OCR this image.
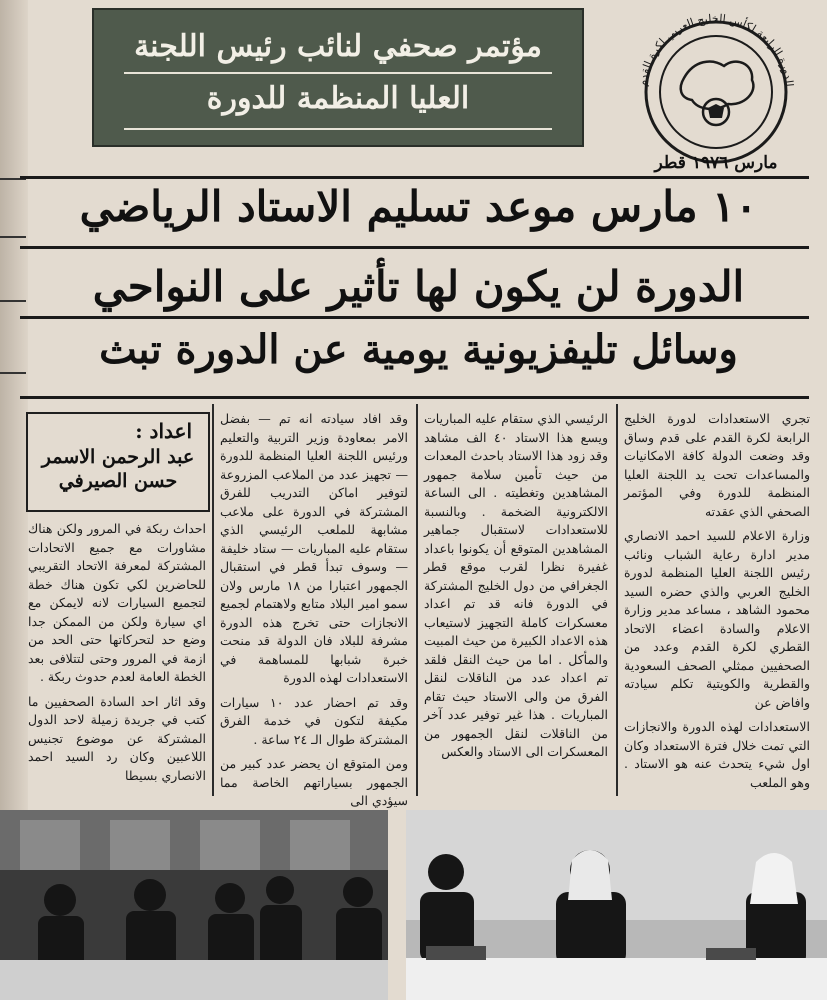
مؤتمر صحفي لنائب رئيس اللجنة
العليا المنظمة للدورة	الدورة الرابعة لكأس الخليج العربي لكرة القدم
مارس ١٩٧٦ قطر
١٠ مارس موعد تسليم الاستاد الرياضي
الدورة لن يكون لها تأثير على النواحي
وسائل تليفزيونية يومية عن الدورة تبث

تجري الاستعدادات لدورة الخليج الرابعة لكرة القدم على قدم وساق وقد وضعت الدولة كافة الامكانيات والمساعدات تحت يد اللجنة العليا المنظمة للدورة وفي المؤتمر الصحفي الذي عقدته

وزارة الاعلام للسيد احمد الانصاري مدير ادارة رعاية الشباب ونائب رئيس اللجنة العليا المنظمة لدورة الخليج العربي والذي حضره السيد محمود الشاهد ، مساعد مدير وزارة الاعلام والسادة اعضاء الاتحاد القطري لكرة القدم وعدد من الصحفيين ممثلي الصحف السعودية والقطرية والكويتية تكلم سيادته وافاض عن

الاستعدادات لهذه الدورة والانجازات التي تمت خلال فترة الاستعداد وكان اول شيء يتحدث عنه هو الاستاد . وهو الملعب

الرئيسي الذي ستقام عليه المباريات ويسع هذا الاستاد ٤٠ الف مشاهد وقد زود هذا الاستاد باحدث المعدات من حيث تأمين سلامة جمهور المشاهدين وتغطيته . الى الساعة الالكترونية الضخمة . وبالنسبة للاستعدادات لاستقبال جماهير المشاهدين المتوقع أن يكونوا باعداد غفيرة نظرا لقرب موقع قطر الجغرافي من دول الخليج المشتركة في الدورة فانه قد تم اعداد معسكرات كاملة التجهيز لاستيعاب هذه الاعداد الكبيرة من حيث المبيت والمأكل . اما من حيث النقل فلقد تم اعداد عدد من الناقلات لنقل الفرق من والى الاستاد حيث تقام المباريات . هذا غير توفير عدد آخر من الناقلات لنقل الجمهور من المعسكرات الى الاستاد والعكس

وقد افاد سيادته انه تم — بفضل الامر بمعاودة وزير التربية والتعليم ورئيس اللجنة العليا المنظمة للدورة — تجهيز عدد من الملاعب المزروعة لتوفير اماكن التدريب للفرق المشتركة في الدورة على ملاعب مشابهة للملعب الرئيسي الذي ستقام عليه المباريات — ستاد خليفة — وسوف تبدأ قطر في استقبال الجمهور اعتبارا من ١٨ مارس ولان سمو امير البلاد متابع ولاهتمام لجميع الانجازات حتى تخرج هذه الدورة مشرفة للبلاد فان الدولة قد منحت خبرة شبابها للمساهمة في الاستعدادات لهذه الدورة

وقد تم احضار عدد ١٠ سيارات مكيفة لتكون في خدمة الفرق المشتركة طوال الـ ٢٤ ساعة .

ومن المتوقع ان يحضر عدد كبير من الجمهور بسياراتهم الخاصة مما سيؤدي الى

اعداد :
عبد الرحمن الاسمر
حسن الصيرفي

احداث ربكة في المرور ولكن هناك مشاورات مع جميع الاتحادات المشتركة لمعرفة الاتحاد التقريبي للحاضرين لكي تكون هناك خطة لتجميع السيارات لانه لايمكن مع اي سيارة ولكن من الممكن جدا وضع حد لتحركاتها حتى الحد من ازمة في المرور وحتى لتتلافى بعد الخطة العامة لعدم حدوث ربكة .

وقد اثار احد السادة الصحفيين ما كتب في جريدة زميلة لاحد الدول المشتركة عن موضوع تجنيس اللاعبين وكان رد السيد احمد الانصاري بسيطا
